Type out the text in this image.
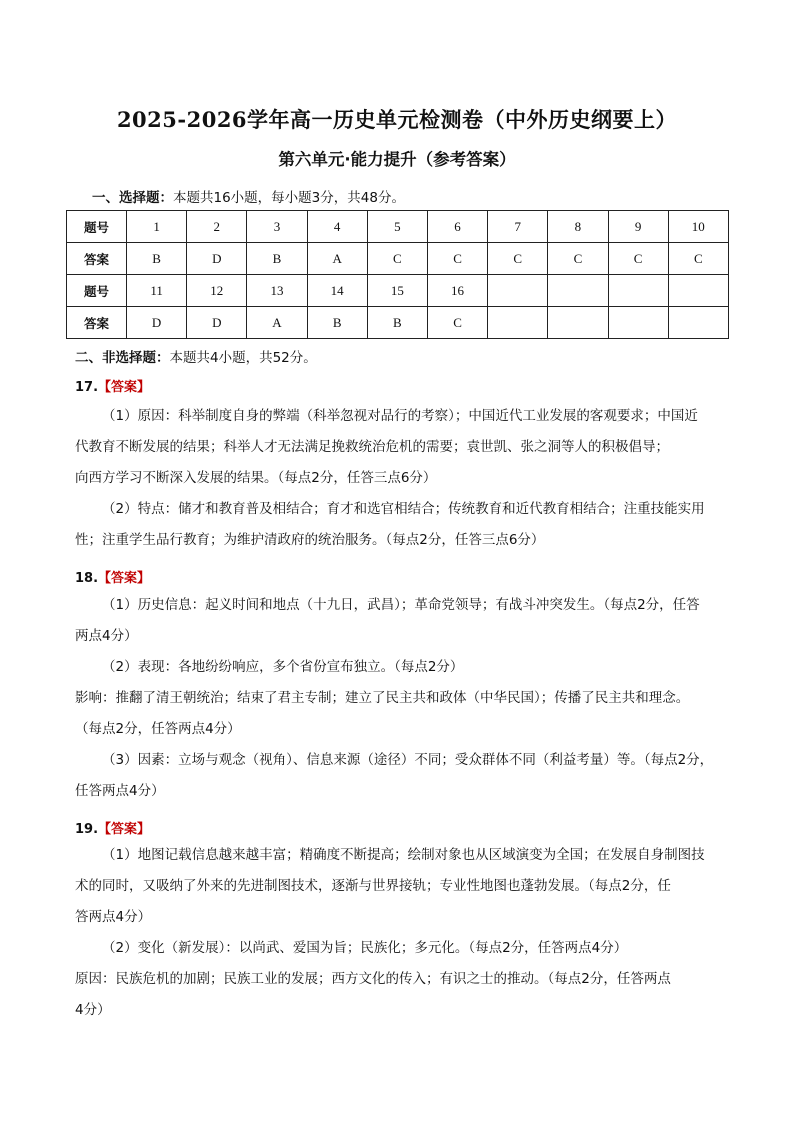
2025-2026学年高一历史单元检测卷（中外历史纲要上）
第六单元·能力提升（参考答案）
一、选择题：本题共16小题，每小题3分，共48分。
题号	1	2	3	4	5	6	7	8	9	10
答案	B	D	B	A	C	C	C	C	C	C
题号	11	12	13	14	15	16				
答案	D	D	A	B	B	C				
二、非选择题：本题共4小题，共52分。
17.【答案】
（1）原因：科举制度自身的弊端（科举忽视对品行的考察）；中国近代工业发展的客观要求；中国近
代教育不断发展的结果；科举人才无法满足挽救统治危机的需要；袁世凯、张之洞等人的积极倡导；
向西方学习不断深入发展的结果。（每点2分，任答三点6分）
（2）特点：储才和教育普及相结合；育才和选官相结合；传统教育和近代教育相结合；注重技能实用
性；注重学生品行教育；为维护清政府的统治服务。（每点2分，任答三点6分）
18.【答案】
（1）历史信息：起义时间和地点（十九日，武昌）；革命党领导；有战斗冲突发生。（每点2分，任答
两点4分）
（2）表现：各地纷纷响应，多个省份宣布独立。（每点2分）
影响：推翻了清王朝统治；结束了君主专制；建立了民主共和政体（中华民国）；传播了民主共和理念。
（每点2分，任答两点4分）
（3）因素：立场与观念（视角）、信息来源（途径）不同；受众群体不同（利益考量）等。（每点2分，
任答两点4分）
19.【答案】
（1）地图记载信息越来越丰富；精确度不断提高；绘制对象也从区域演变为全国；在发展自身制图技
术的同时，又吸纳了外来的先进制图技术，逐渐与世界接轨；专业性地图也蓬勃发展。（每点2分，任
答两点4分）
（2）变化（新发展）：以尚武、爱国为旨；民族化；多元化。（每点2分，任答两点4分）
原因：民族危机的加剧；民族工业的发展；西方文化的传入；有识之士的推动。（每点2分，任答两点
4分）
